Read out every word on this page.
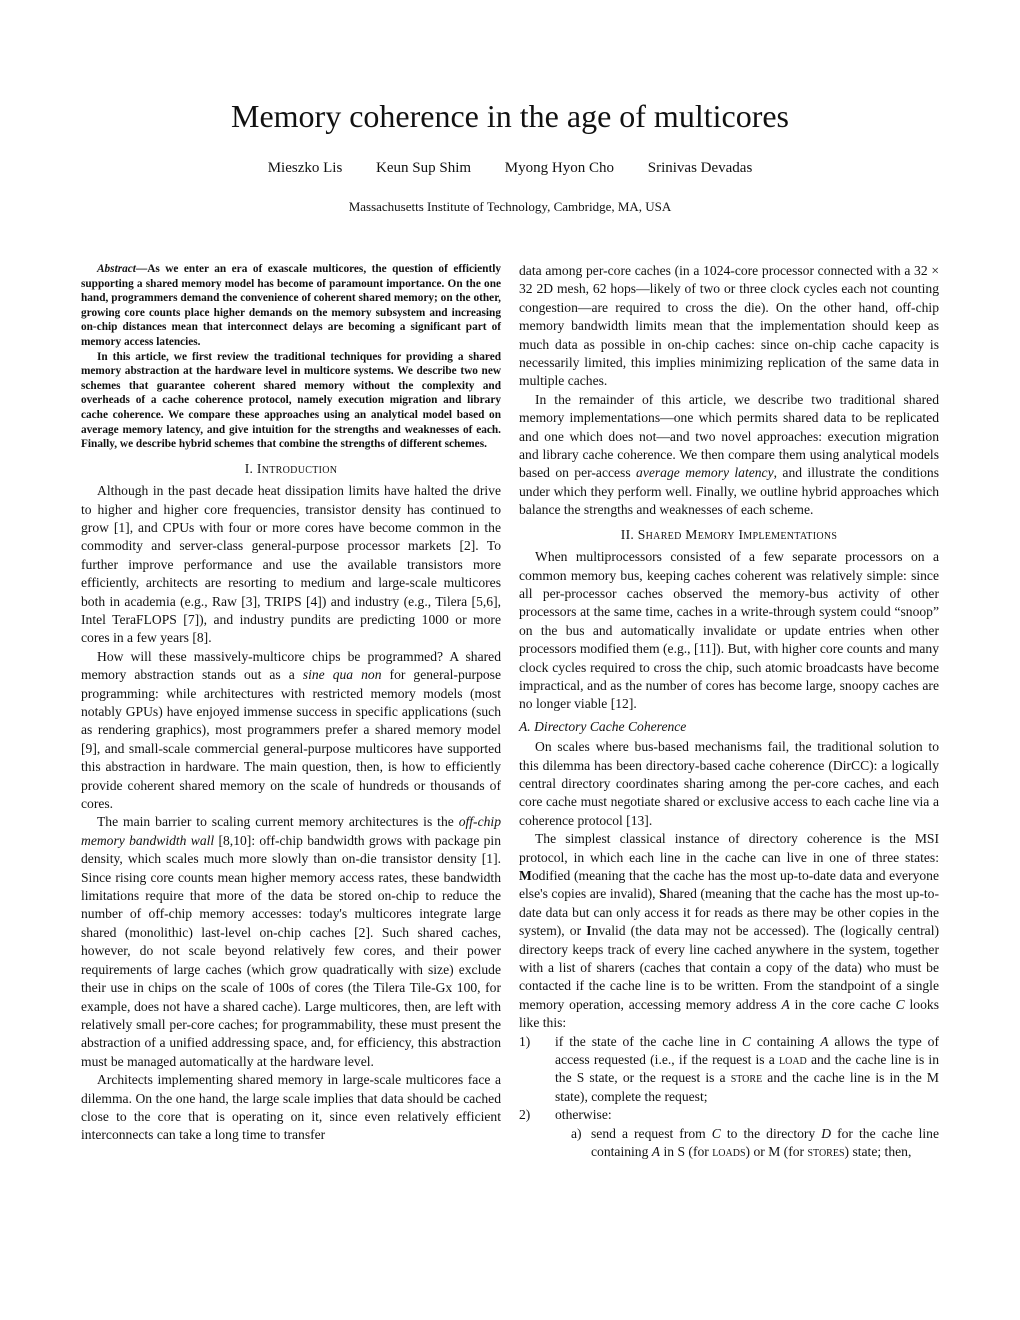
Memory coherence in the age of multicores
Mieszko Lis Keun Sup Shim Myong Hyon Cho Srinivas Devadas
Massachusetts Institute of Technology, Cambridge, MA, USA

Abstract—As we enter an era of exascale multicores, the question of efficiently supporting a shared memory model has become of paramount importance. On the one hand, programmers demand the convenience of coherent shared memory; on the other, growing core counts place higher demands on the memory subsystem and increasing on-chip distances mean that interconnect delays are becoming a significant part of memory access latencies.

In this article, we first review the traditional techniques for providing a shared memory abstraction at the hardware level in multicore systems. We describe two new schemes that guarantee coherent shared memory without the complexity and overheads of a cache coherence protocol, namely execution migration and library cache coherence. We compare these approaches using an analytical model based on average memory latency, and give intuition for the strengths and weaknesses of each. Finally, we describe hybrid schemes that combine the strengths of different schemes.

I. Introduction

Although in the past decade heat dissipation limits have halted the drive to higher and higher core frequencies, transistor density has continued to grow [1], and CPUs with four or more cores have become common in the commodity and server-class general-purpose processor markets [2]. To further improve performance and use the available transistors more efficiently, architects are resorting to medium and large-scale multicores both in academia (e.g., Raw [3], TRIPS [4]) and industry (e.g., Tilera [5,6], Intel TeraFLOPS [7]), and industry pundits are predicting 1000 or more cores in a few years [8].

How will these massively-multicore chips be programmed? A shared memory abstraction stands out as a sine qua non for general-purpose programming: while architectures with restricted memory models (most notably GPUs) have enjoyed immense success in specific applications (such as rendering graphics), most programmers prefer a shared memory model [9], and small-scale commercial general-purpose multicores have supported this abstraction in hardware. The main question, then, is how to efficiently provide coherent shared memory on the scale of hundreds or thousands of cores.

The main barrier to scaling current memory architectures is the off-chip memory bandwidth wall [8,10]: off-chip bandwidth grows with package pin density, which scales much more slowly than on-die transistor density [1]. Since rising core counts mean higher memory access rates, these bandwidth limitations require that more of the data be stored on-chip to reduce the number of off-chip memory accesses: today's multicores integrate large shared (monolithic) last-level on-chip caches [2]. Such shared caches, however, do not scale beyond relatively few cores, and their power requirements of large caches (which grow quadratically with size) exclude their use in chips on the scale of 100s of cores (the Tilera Tile-Gx 100, for example, does not have a shared cache). Large multicores, then, are left with relatively small per-core caches; for programmability, these must present the abstraction of a unified addressing space, and, for efficiency, this abstraction must be managed automatically at the hardware level.

Architects implementing shared memory in large-scale multicores face a dilemma. On the one hand, the large scale implies that data should be cached close to the core that is operating on it, since even relatively efficient interconnects can take a long time to transfer

data among per-core caches (in a 1024-core processor connected with a 32 × 32 2D mesh, 62 hops—likely of two or three clock cycles each not counting congestion—are required to cross the die). On the other hand, off-chip memory bandwidth limits mean that the implementation should keep as much data as possible in on-chip caches: since on-chip cache capacity is necessarily limited, this implies minimizing replication of the same data in multiple caches.

In the remainder of this article, we describe two traditional shared memory implementations—one which permits shared data to be replicated and one which does not—and two novel approaches: execution migration and library cache coherence. We then compare them using analytical models based on per-access average memory latency, and illustrate the conditions under which they perform well. Finally, we outline hybrid approaches which balance the strengths and weaknesses of each scheme.

II. Shared Memory Implementations

When multiprocessors consisted of a few separate processors on a common memory bus, keeping caches coherent was relatively simple: since all per-processor caches observed the memory-bus activity of other processors at the same time, caches in a write-through system could “snoop” on the bus and automatically invalidate or update entries when other processors modified them (e.g., [11]). But, with higher core counts and many clock cycles required to cross the chip, such atomic broadcasts have become impractical, and as the number of cores has become large, snoopy caches are no longer viable [12].

A. Directory Cache Coherence

On scales where bus-based mechanisms fail, the traditional solution to this dilemma has been directory-based cache coherence (DirCC): a logically central directory coordinates sharing among the per-core caches, and each core cache must negotiate shared or exclusive access to each cache line via a coherence protocol [13].

The simplest classical instance of directory coherence is the MSI protocol, in which each line in the cache can live in one of three states: Modified (meaning that the cache has the most up-to-date data and everyone else's copies are invalid), Shared (meaning that the cache has the most up-to-date data but can only access it for reads as there may be other copies in the system), or Invalid (the data may not be accessed). The (logically central) directory keeps track of every line cached anywhere in the system, together with a list of sharers (caches that contain a copy of the data) who must be contacted if the cache line is to be written. From the standpoint of a single memory operation, accessing memory address A in the core cache C looks like this:

1) if the state of the cache line in C containing A allows the type of access requested (i.e., if the request is a load and the cache line is in the S state, or the request is a store and the cache line is in the M state), complete the request;
2) otherwise:
a) send a request from C to the directory D for the cache line containing A in S (for loads) or M (for stores) state; then,
